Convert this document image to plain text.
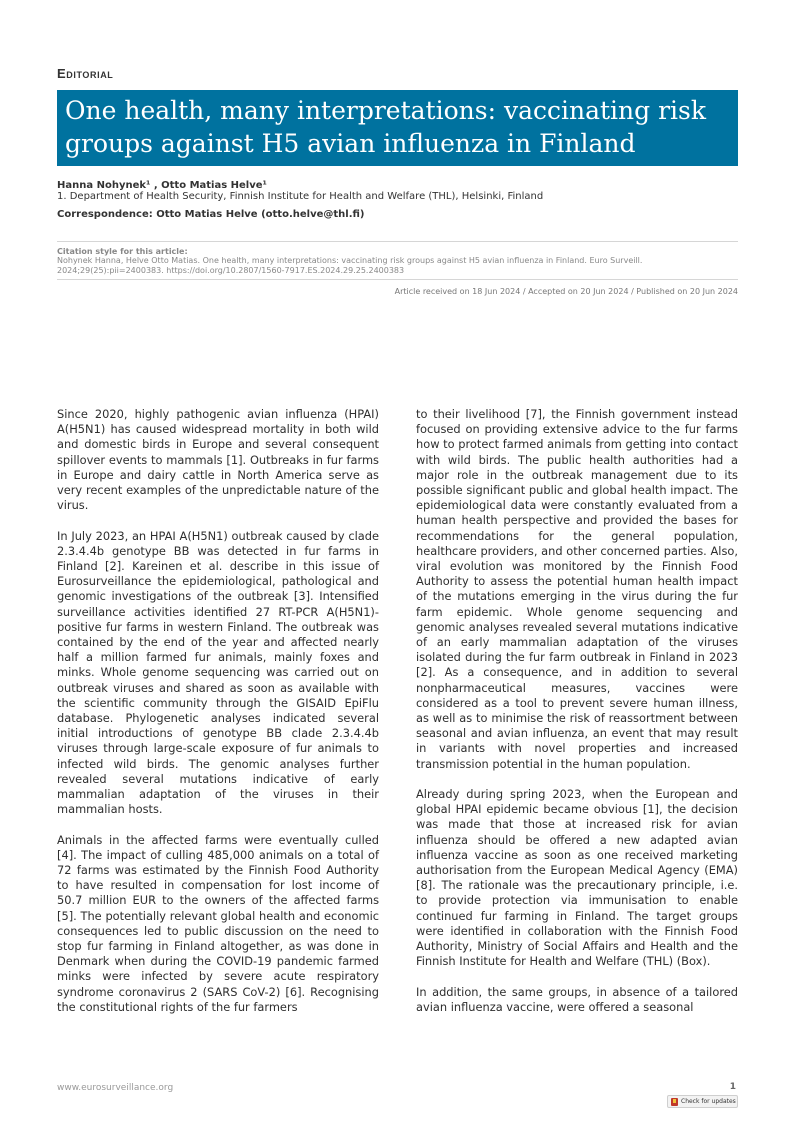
Editorial
One health, many interpretations: vaccinating risk groups against H5 avian influenza in Finland
Hanna Nohynek¹ , Otto Matias Helve¹
1. Department of Health Security, Finnish Institute for Health and Welfare (THL), Helsinki, Finland
Correspondence: Otto Matias Helve (otto.helve@thl.fi)
Citation style for this article:
Nohynek Hanna, Helve Otto Matias. One health, many interpretations: vaccinating risk groups against H5 avian influenza in Finland. Euro Surveill. 2024;29(25):pii=2400383. https://doi.org/10.2807/1560-7917.ES.2024.29.25.2400383
Article received on 18 Jun 2024 / Accepted on 20 Jun 2024 / Published on 20 Jun 2024

Since 2020, highly pathogenic avian influenza (HPAI) A(H5N1) has caused widespread mortality in both wild and domestic birds in Europe and several consequent spillover events to mammals [1]. Outbreaks in fur farms in Europe and dairy cattle in North America serve as very recent examples of the unpredictable nature of the virus.

In July 2023, an HPAI A(H5N1) outbreak caused by clade 2.3.4.4b genotype BB was detected in fur farms in Finland [2]. Kareinen et al. describe in this issue of Eurosurveillance the epidemiological, pathological and genomic investigations of the outbreak [3]. Intensified surveillance activities identified 27 RT-PCR A(H5N1)-positive fur farms in western Finland. The outbreak was contained by the end of the year and affected nearly half a million farmed fur animals, mainly foxes and minks. Whole genome sequencing was carried out on outbreak viruses and shared as soon as available with the scientific community through the GISAID EpiFlu database. Phylogenetic analyses indicated several initial introductions of genotype BB clade 2.3.4.4b viruses through large-scale exposure of fur animals to infected wild birds. The genomic analyses further revealed several mutations indicative of early mammalian adaptation of the viruses in their mammalian hosts.

Animals in the affected farms were eventually culled [4]. The impact of culling 485,000 animals on a total of 72 farms was estimated by the Finnish Food Authority to have resulted in compensation for lost income of 50.7 million EUR to the owners of the affected farms [5]. The potentially relevant global health and economic consequences led to public discussion on the need to stop fur farming in Finland altogether, as was done in Denmark when during the COVID-19 pandemic farmed minks were infected by severe acute respiratory syndrome coronavirus 2 (SARS CoV-2) [6]. Recognising the constitutional rights of the fur farmers

to their livelihood [7], the Finnish government instead focused on providing extensive advice to the fur farms how to protect farmed animals from getting into contact with wild birds. The public health authorities had a major role in the outbreak management due to its possible significant public and global health impact. The epidemiological data were constantly evaluated from a human health perspective and provided the bases for recommendations for the general population, healthcare providers, and other concerned parties. Also, viral evolution was monitored by the Finnish Food Authority to assess the potential human health impact of the mutations emerging in the virus during the fur farm epidemic. Whole genome sequencing and genomic analyses revealed several mutations indicative of an early mammalian adaptation of the viruses isolated during the fur farm outbreak in Finland in 2023 [2]. As a consequence, and in addition to several nonpharmaceutical measures, vaccines were considered as a tool to prevent severe human illness, as well as to minimise the risk of reassortment between seasonal and avian influenza, an event that may result in variants with novel properties and increased transmission potential in the human population.

Already during spring 2023, when the European and global HPAI epidemic became obvious [1], the decision was made that those at increased risk for avian influenza should be offered a new adapted avian influenza vaccine as soon as one received marketing authorisation from the European Medical Agency (EMA) [8]. The rationale was the precautionary principle, i.e. to provide protection via immunisation to enable continued fur farming in Finland. The target groups were identified in collaboration with the Finnish Food Authority, Ministry of Social Affairs and Health and the Finnish Institute for Health and Welfare (THL) (Box).

In addition, the same groups, in absence of a tailored avian influenza vaccine, were offered a seasonal

www.eurosurveillance.org	1
Check for updates
